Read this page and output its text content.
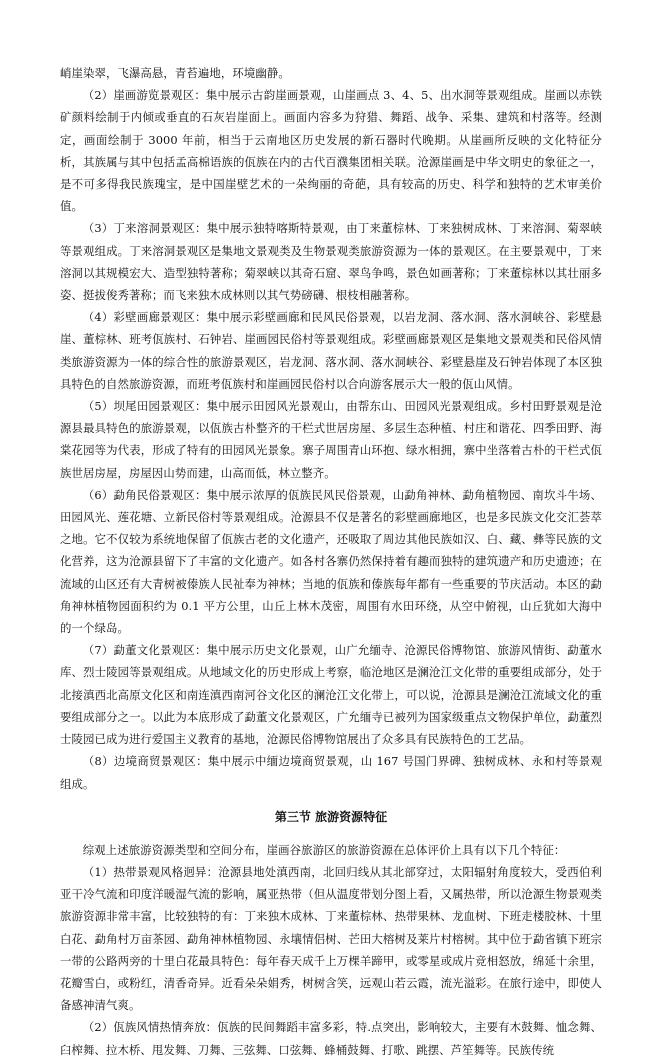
峭崖染翠，飞瀑高悬，青苔遍地，环境幽静。

（2）崖画游览景观区：集中展示古韵崖画景观，山崖画点 3、4、5、出水洞等景观组成。崖画以赤铁矿颜料绘制于内倾或垂直的石灰岩崖面上。画面内容多为狩猎、舞蹈、战争、采集、建筑和村落等。经测定，画面绘制于 3000 年前，相当于云南地区历史发展的新石器时代晚期。从崖画所反映的文化特征分析，其族属与其中包括孟高棉语族的佤族在内的古代百濮集团相关联。沧源崖画是中华文明史的象征之一，是不可多得我民族瑰宝，是中国崖壁艺术的一朵绚丽的奇葩，具有较高的历史、科学和独特的艺术审美价值。

（3）丁来溶洞景观区：集中展示独特喀斯特景观，由丁来董棕林、丁来独树成林、丁来溶洞、菊翠峡等景观组成。丁来溶洞景观区是集地文景观类及生物景观类旅游资源为一体的景观区。在主要景观中，丁来溶洞以其规模宏大、造型独特著称；菊翠峡以其奇石窟、翠鸟争鸣，景色如画著称；丁来董棕林以其壮丽多姿、挺拔俊秀著称；而飞来独木成林则以其气势磅礴、根枝相融著称。

（4）彩壁画廊景观区：集中展示彩壁画廊和民风民俗景观，以岩龙洞、落水洞、落水洞峡谷、彩壁悬崖、董棕林、班考佤族村、石钟岩、崖画园民俗村等景观组成。彩壁画廊景观区是集地文景观类和民俗风情类旅游资源为一体的综合性的旅游景观区，岩龙洞、落水洞、落水洞峡谷、彩壁悬崖及石钟岩体现了本区独具特色的自然旅游资源，而班考佤族村和崖画园民俗村以合向游客展示大一般的佤山风情。

（5）坝尾田园景观区：集中展示田园风光景观山，由帮东山、田园风光景观组成。乡村田野景观是沧源县最具特色的旅游景观，以佤族古朴整齐的干栏式世居房屋、多层生态种植、村庄和谐花、四季田野、海棠花园等为代表，形成了特有的田园风光景象。寨子周围青山环抱、绿水相拥，寨中坐落着古朴的干栏式佤族世居房屋，房屋因山势而建，山高而低，林立整齐。

（6）勐角民俗景观区：集中展示浓厚的佤族民风民俗景观，山勐角神林、勐角植物园、南坎斗牛场、田园风光、莲花塘、立新民俗村等景观组成。沧源县不仅是著名的彩壁画廊地区，也是多民族文化交汇荟萃之地。它不仅较为系统地保留了佤族古老的文化遗产，还吸取了周边其他民族如汉、白、藏、彝等民族的文化营养，这为沧源县留下了丰富的文化遗产。如各村各寨仍然保持着有趣而独特的建筑遗产和历史遗迹；在流域的山区还有大青树被傣族人民祉奉为神林；当地的佤族和傣族每年都有一些重要的节庆活动。本区的勐角神林植物园面积约为 0.1 平方公里，山丘上林木茂密，周围有水田环绕，从空中俯视，山丘犹如大海中的一个绿岛。

（7）勐董文化景观区：集中展示历史文化景观，山广允缅寺、沧源民俗博物馆、旅游风情街、勐董水库、烈士陵园等景观组成。从地域文化的历史形成上考察，临沧地区是澜沧江文化带的重要组成部分，处于北接滇西北高原文化区和南连滇西南河谷文化区的澜沧江文化带上，可以说，沧源县是澜沧江流域文化的重要组成部分之一。以此为本底形成了勐董文化景观区，广允缅寺已被列为国家级重点文物保护单位，勐董烈士陵园已成为进行爱国主义教育的基地，沧源民俗博物馆展出了众多具有民族特色的工艺品。

（8）边境商贸景观区：集中展示中缅边境商贸景观，山 167 号国门界碑、独树成林、永和村等景观组成。

第三节 旅游资源特征

综观上述旅游资源类型和空间分布，崖画谷旅游区的旅游资源在总体评价上具有以下几个特征：

（1）热带景观风格迥异：沧源县地处滇西南，北回归线从其北部穿过，太阳辐射角度较大，受西伯利亚干冷气流和印度洋暖湿气流的影响，属亚热带（但从温度带划分图上看，又属热带，所以沧源生物景观类旅游资源非常丰富，比较独特的有：丁来独木成林、丁来董棕林、热带果林、龙血树、下班走楼胶林、十里白花、勐角村万亩茶园、勐角神林植物园、永壤情侣树、芒田大榕树及莱片村榕树。其中位于勐省镇下班宗一带的公路两旁的十里白花最具特色：每年春天成千上万棵羊蹄甲，或零星或成片竞相怒放，绵延十余里，花瓣雪白，或粉红，清香奇异。近看朵朵娟秀，树树含笑，远观山若云霞，流光溢彩。在旅行途中，即使人备感神清气爽。

（2）佤族风情热情奔放：佤族的民间舞蹈丰富多彩，特.点突出，影响较大，主要有木鼓舞、恤念舞、臼榨舞、拉木桥、甩发舞、刀舞、三弦舞、口弦舞、蜂桶鼓舞、打歌、跳摆、芦笙舞等。民族传统
